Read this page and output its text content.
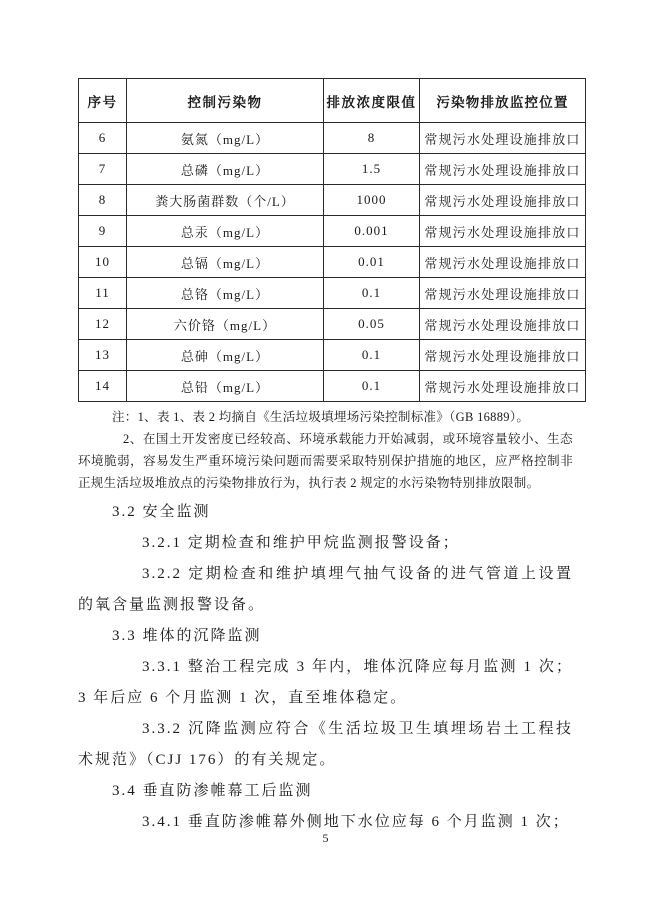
序号	控制污染物	排放浓度限值	污染物排放监控位置
6	氨氮（mg/L）	8	常规污水处理设施排放口
7	总磷（mg/L）	1.5	常规污水处理设施排放口
8	粪大肠菌群数（个/L）	1000	常规污水处理设施排放口
9	总汞（mg/L）	0.001	常规污水处理设施排放口
10	总镉（mg/L）	0.01	常规污水处理设施排放口
11	总铬（mg/L）	0.1	常规污水处理设施排放口
12	六价铬（mg/L）	0.05	常规污水处理设施排放口
13	总砷（mg/L）	0.1	常规污水处理设施排放口
14	总铅（mg/L）	0.1	常规污水处理设施排放口

注：1、表 1、表 2 均摘自《生活垃圾填埋场污染控制标准》（GB 16889）。

2、在国土开发密度已经较高、环境承载能力开始减弱，或环境容量较小、生态环境脆弱，容易发生严重环境污染问题而需要采取特别保护措施的地区，应严格控制非正规生活垃圾堆放点的污染物排放行为，执行表 2 规定的水污染物特别排放限制。

3.2 安全监测

3.2.1 定期检查和维护甲烷监测报警设备；

3.2.2 定期检查和维护填埋气抽气设备的进气管道上设置的氧含量监测报警设备。

3.3 堆体的沉降监测

3.3.1 整治工程完成 3 年内，堆体沉降应每月监测 1 次；3 年后应 6 个月监测 1 次，直至堆体稳定。

3.3.2 沉降监测应符合《生活垃圾卫生填埋场岩土工程技术规范》（CJJ 176）的有关规定。

3.4 垂直防渗帷幕工后监测

3.4.1 垂直防渗帷幕外侧地下水位应每 6 个月监测 1 次；

5
